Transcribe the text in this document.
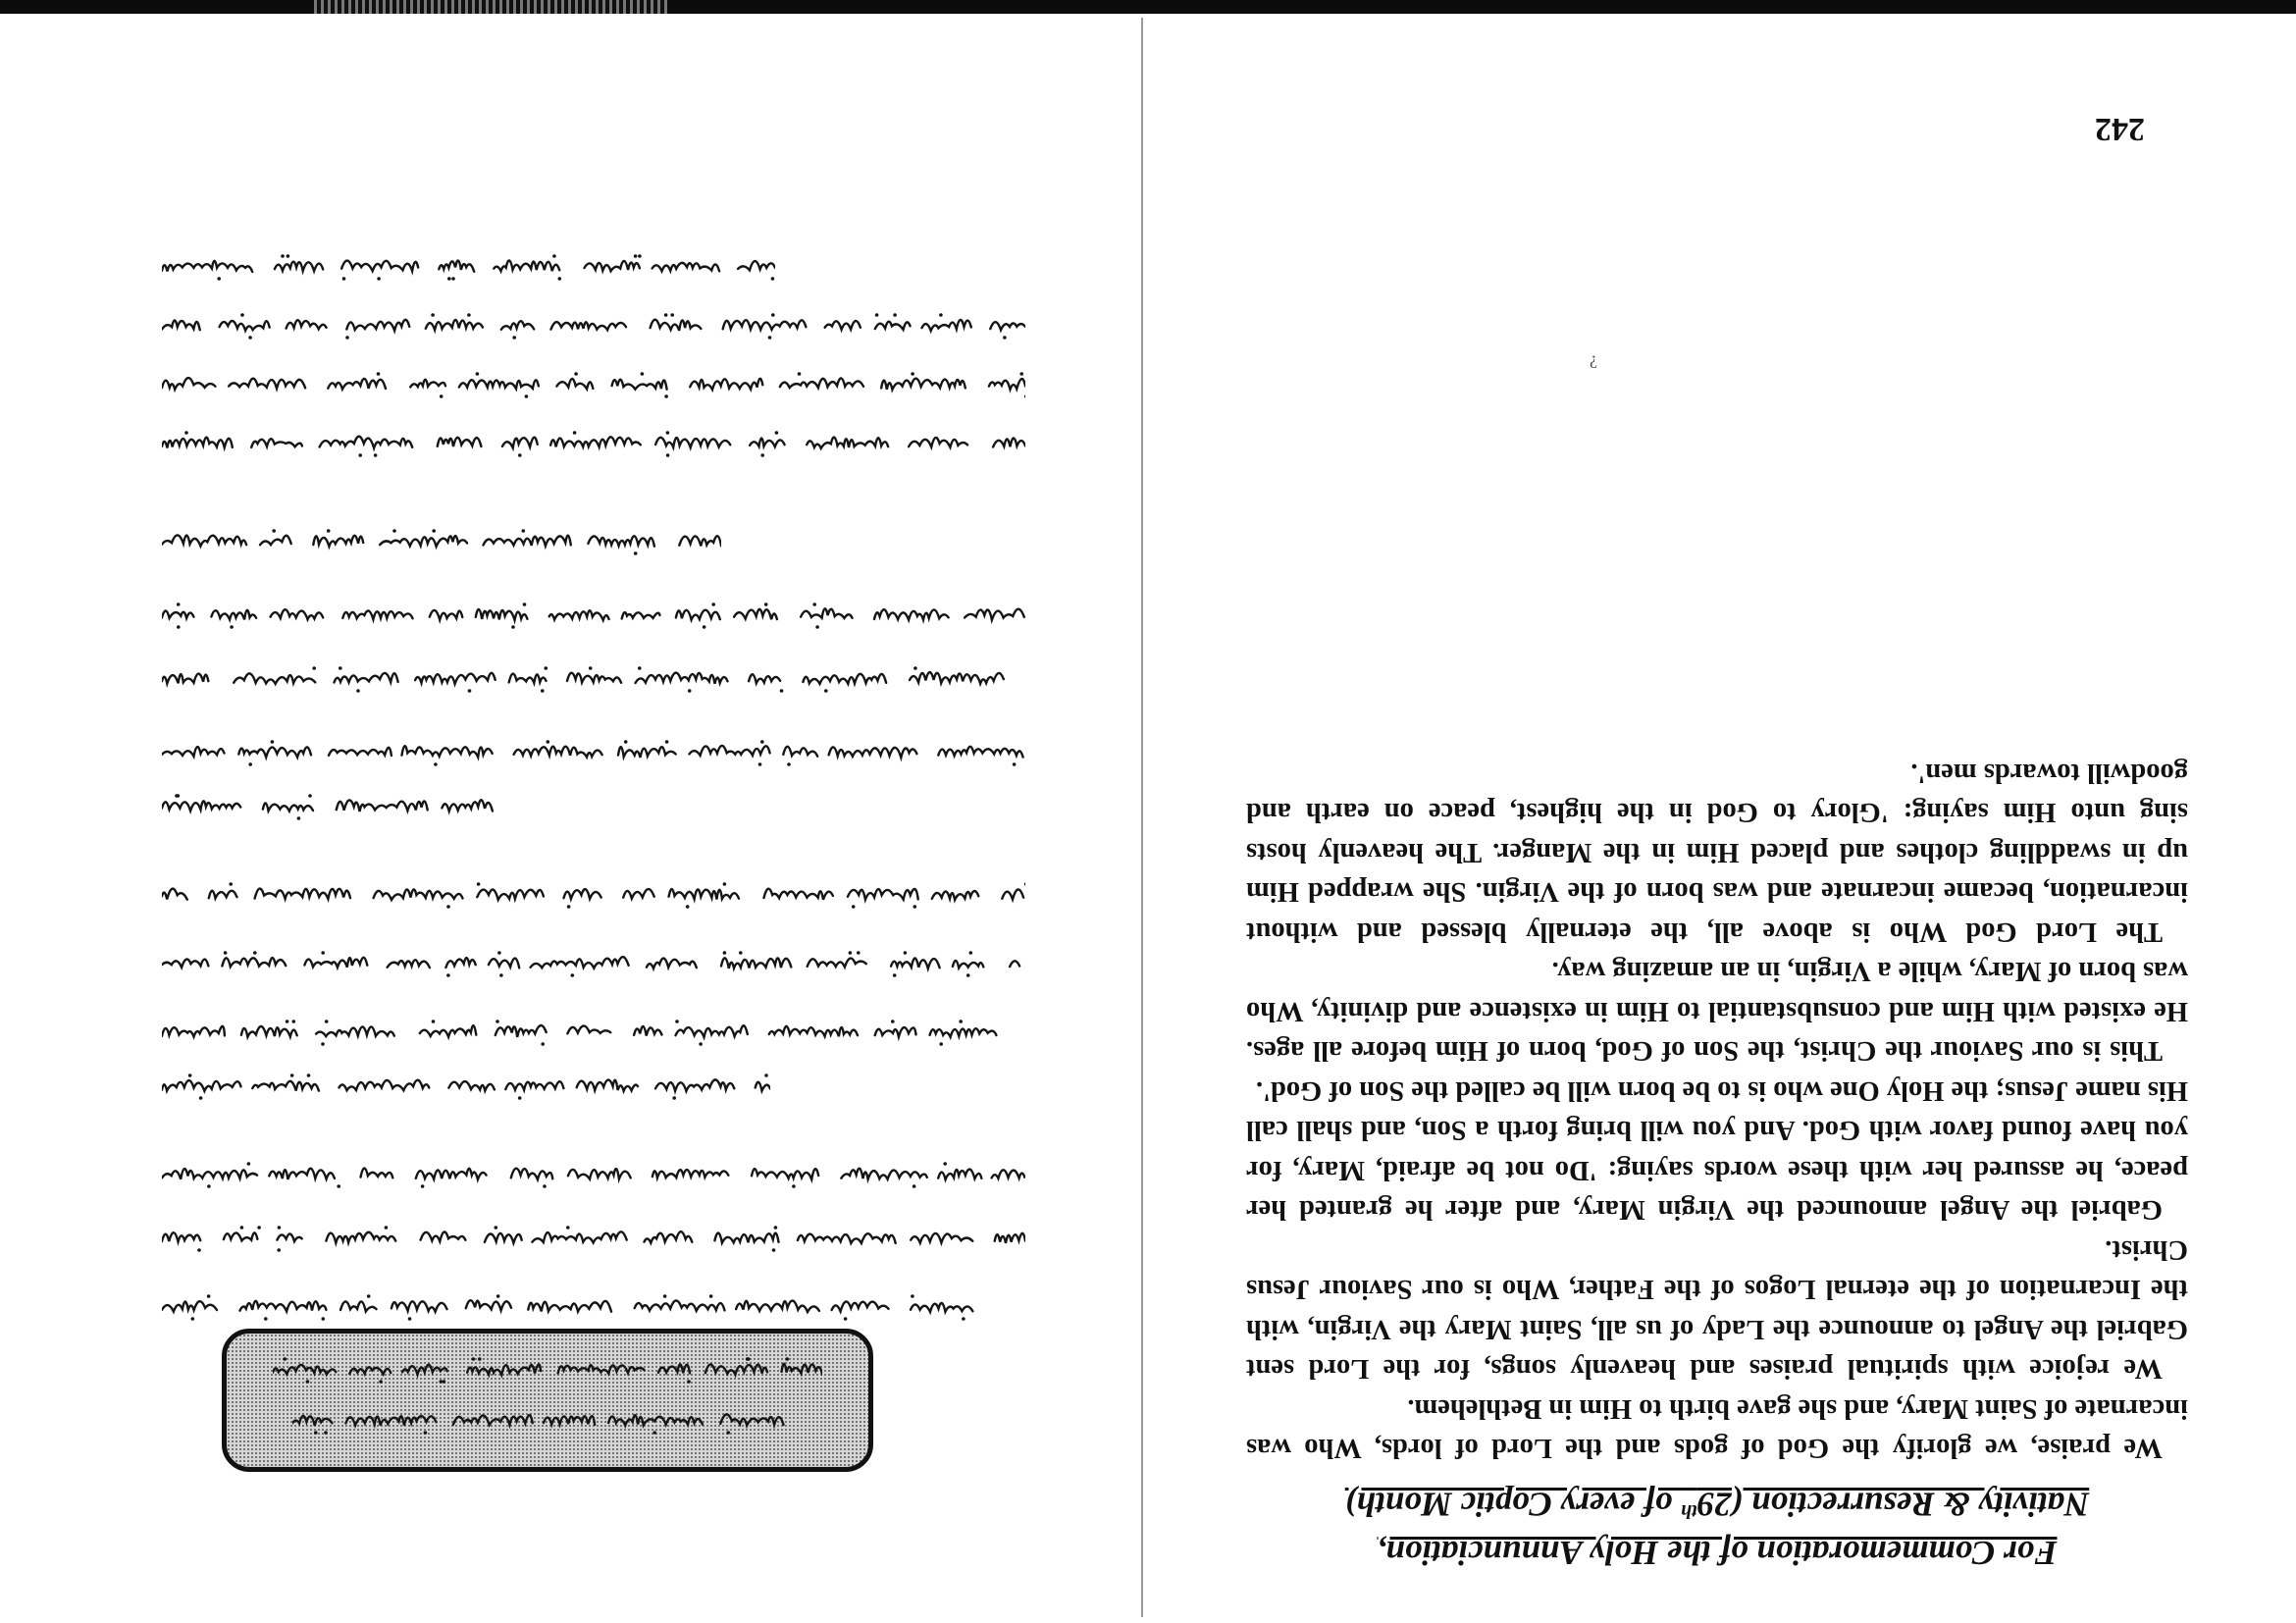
For Commemoration of the Holy Annunciation,
Nativity & Resurrection (29th of every Coptic Month)

We praise, we glorify the God of gods and the Lord of lords, Who was incarnate of Saint Mary, and she gave birth to Him in Bethlehem.

We rejoice with spiritual praises and heavenly songs, for the Lord sent Gabriel the Angel to announce the Lady of us all, Saint Mary the Virgin, with the Incarnation of the eternal Logos of the Father, Who is our Saviour Jesus Christ.

Gabriel the Angel announced the Virgin Mary, and after he granted her peace, he assured her with these words saying: 'Do not be afraid, Mary, for you have found favor with God. And you will bring forth a Son, and shall call His name Jesus; the Holy One who is to be born will be called the Son of God'.

This is our Saviour the Christ, the Son of God, born of Him before all ages. He existed with Him and consubstantial to Him in existence and divinity, Who was born of Mary, while a Virgin, in an amazing way.

The Lord God Who is above all, the eternally blessed and without incarnation, became incarnate and was born of the Virgin. She wrapped Him up in swaddling clothes and placed Him in the Manger. The heavenly hosts sing unto Him saying: 'Glory to God in the highest, peace on earth and goodwill towards men'.

242
¿
